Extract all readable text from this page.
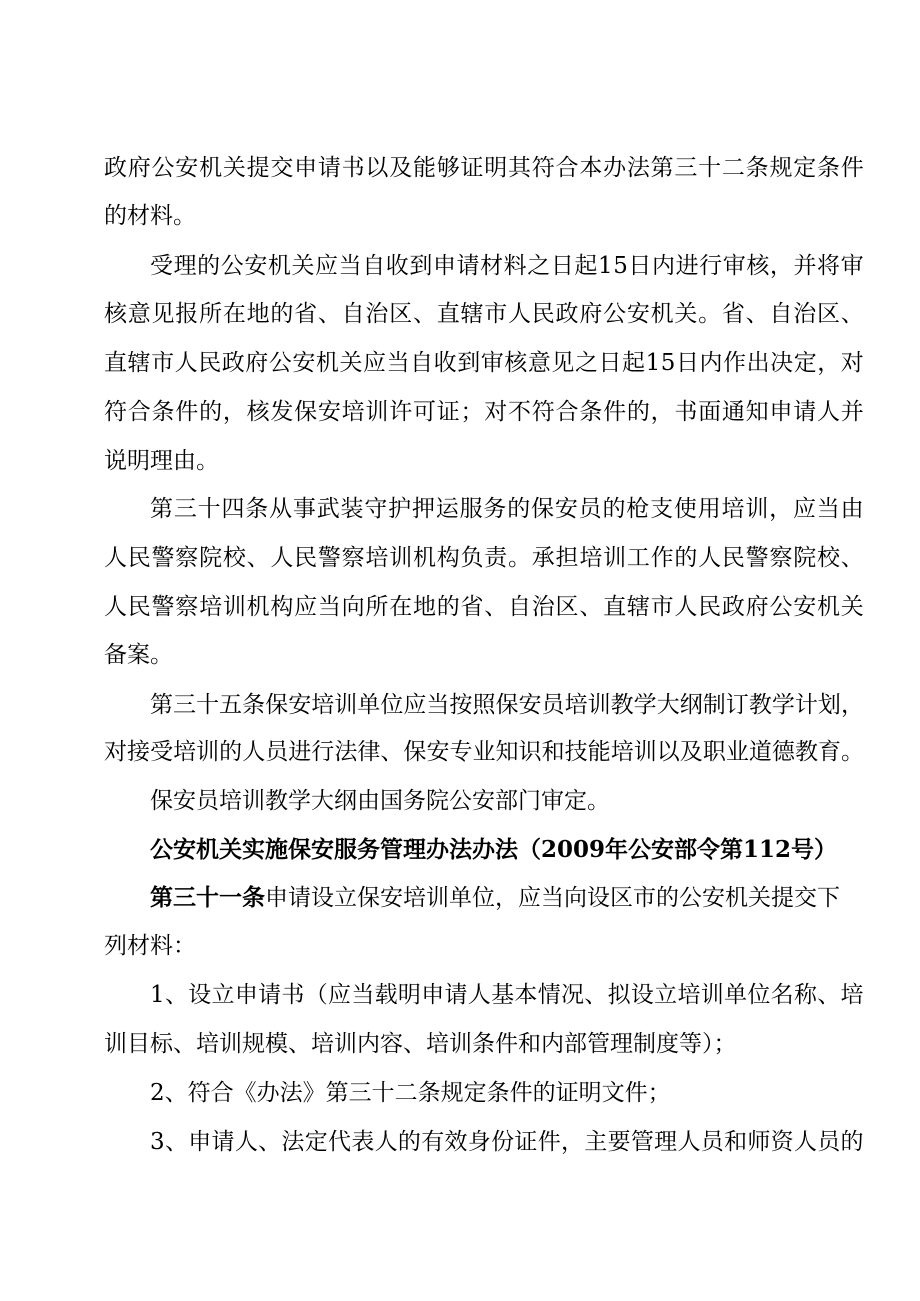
政 府 公 安 机 关 提 交 申 请 书 以 及 能 够 证 明 其 符 合 本 办 法 第 三 十 二 条 规 定 条 件
的材料。
受 理 的 公 安 机 关 应 当 自 收 到 申 请 材 料 之 日 起 1 5 日 内 进 行 审 核 ， 并 将 审
核 意 见 报 所 在 地 的 省 、 自 治 区 、 直 辖 市 人 民 政 府 公 安 机 关 。 省 、 自 治 区 、
直 辖 市 人 民 政 府 公 安 机 关 应 当 自 收 到 审 核 意 见 之 日 起 1 5 日 内 作 出 决 定 ， 对
符 合 条 件 的 ， 核 发 保 安 培 训 许 可 证 ； 对 不 符 合 条 件 的 ， 书 面 通 知 申 请 人 并
说明理由。
第 三 十 四 条 从 事 武 装 守 护 押 运 服 务 的 保 安 员 的 枪 支 使 用 培 训 ， 应 当 由
人 民 警 察 院 校 、 人 民 警 察 培 训 机 构 负 责 。 承 担 培 训 工 作 的 人 民 警 察 院 校 、
人 民 警 察 培 训 机 构 应 当 向 所 在 地 的 省 、 自 治 区 、 直 辖 市 人 民 政 府 公 安 机 关
备案。
第 三 十 五 条 保 安 培 训 单 位 应 当 按 照 保 安 员 培 训 教 学 大 纲 制 订 教 学 计 划 ，
对 接 受 培 训 的 人 员 进 行 法 律 、 保 安 专 业 知 识 和 技 能 培 训 以 及 职 业 道 德 教 育 。
保安员培训教学大纲由国务院公安部门审定。
公安机关实施保安服务管理办法办法（2009年公安部令第112号）
第三十一条申请设立保安培训单位，应当向设区市的公安机关提交下
列材料：
1 、 设 立 申 请 书 （ 应 当 载 明 申 请 人 基 本 情 况 、 拟 设 立 培 训 单 位 名 称 、 培
训目标、培训规模、培训内容、培训条件和内部管理制度等）；
2、符合《办法》第三十二条规定条件的证明文件；
3 、 申 请 人 、 法 定 代 表 人 的 有 效 身 份 证 件 ， 主 要 管 理 人 员 和 师 资 人 员 的
